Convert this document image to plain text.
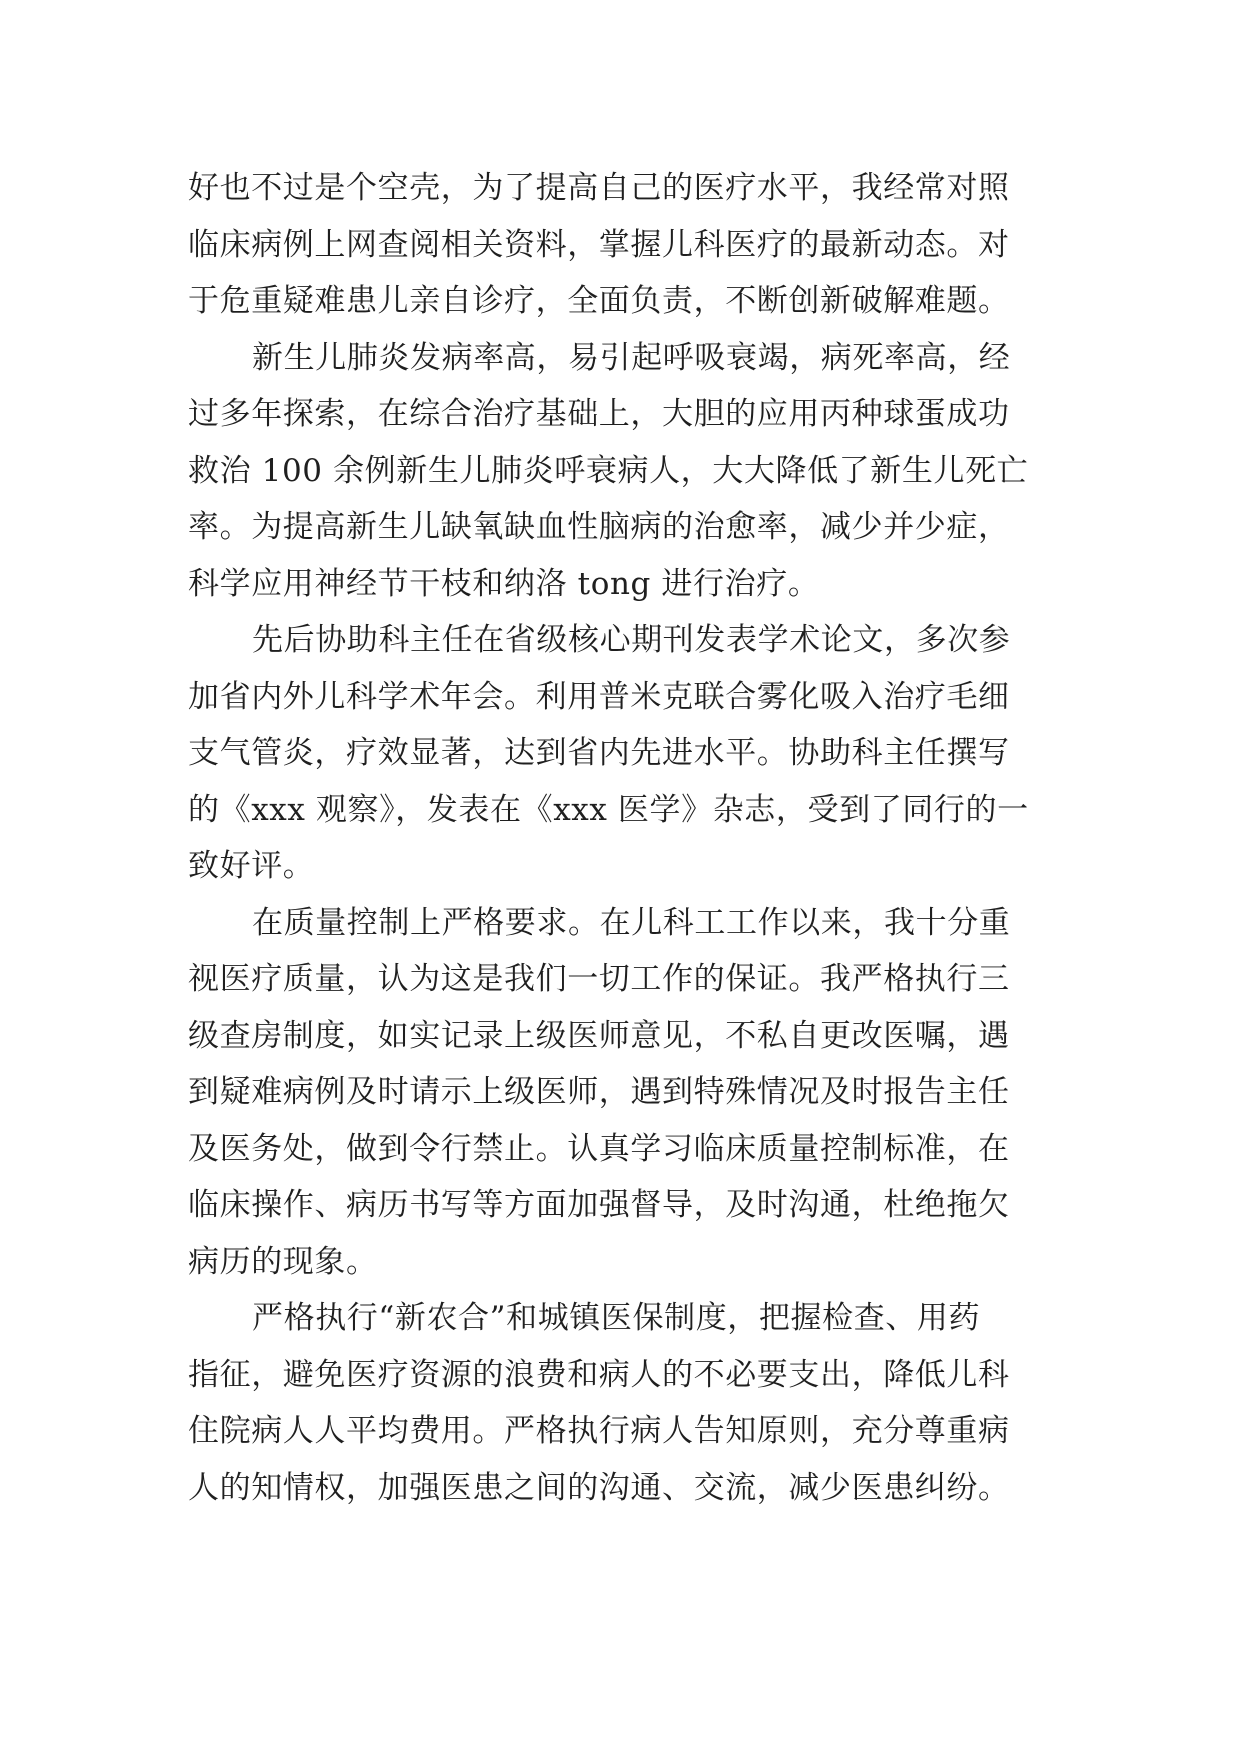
好也不过是个空壳，为了提高自己的医疗水平，我经常对照
临床病例上网查阅相关资料，掌握儿科医疗的最新动态。对
于危重疑难患儿亲自诊疗，全面负责，不断创新破解难题。
新生儿肺炎发病率高，易引起呼吸衰竭，病死率高，经
过多年探索，在综合治疗基础上，大胆的应用丙种球蛋成功
救治 100 余例新生儿肺炎呼衰病人，大大降低了新生儿死亡
率。为提高新生儿缺氧缺血性脑病的治愈率，减少并少症，
科学应用神经节干枝和纳洛 tong 进行治疗。
先后协助科主任在省级核心期刊发表学术论文，多次参
加省内外儿科学术年会。利用普米克联合雾化吸入治疗毛细
支气管炎，疗效显著，达到省内先进水平。协助科主任撰写
的《xxx 观察》，发表在《xxx 医学》杂志，受到了同行的一
致好评。
在质量控制上严格要求。在儿科工工作以来，我十分重
视医疗质量，认为这是我们一切工作的保证。我严格执行三
级查房制度，如实记录上级医师意见，不私自更改医嘱，遇
到疑难病例及时请示上级医师，遇到特殊情况及时报告主任
及医务处，做到令行禁止。认真学习临床质量控制标准，在
临床操作、病历书写等方面加强督导，及时沟通，杜绝拖欠
病历的现象。
严格执行“新农合”和城镇医保制度，把握检查、用药
指征，避免医疗资源的浪费和病人的不必要支出，降低儿科
住院病人人平均费用。严格执行病人告知原则，充分尊重病
人的知情权，加强医患之间的沟通、交流，减少医患纠纷。
